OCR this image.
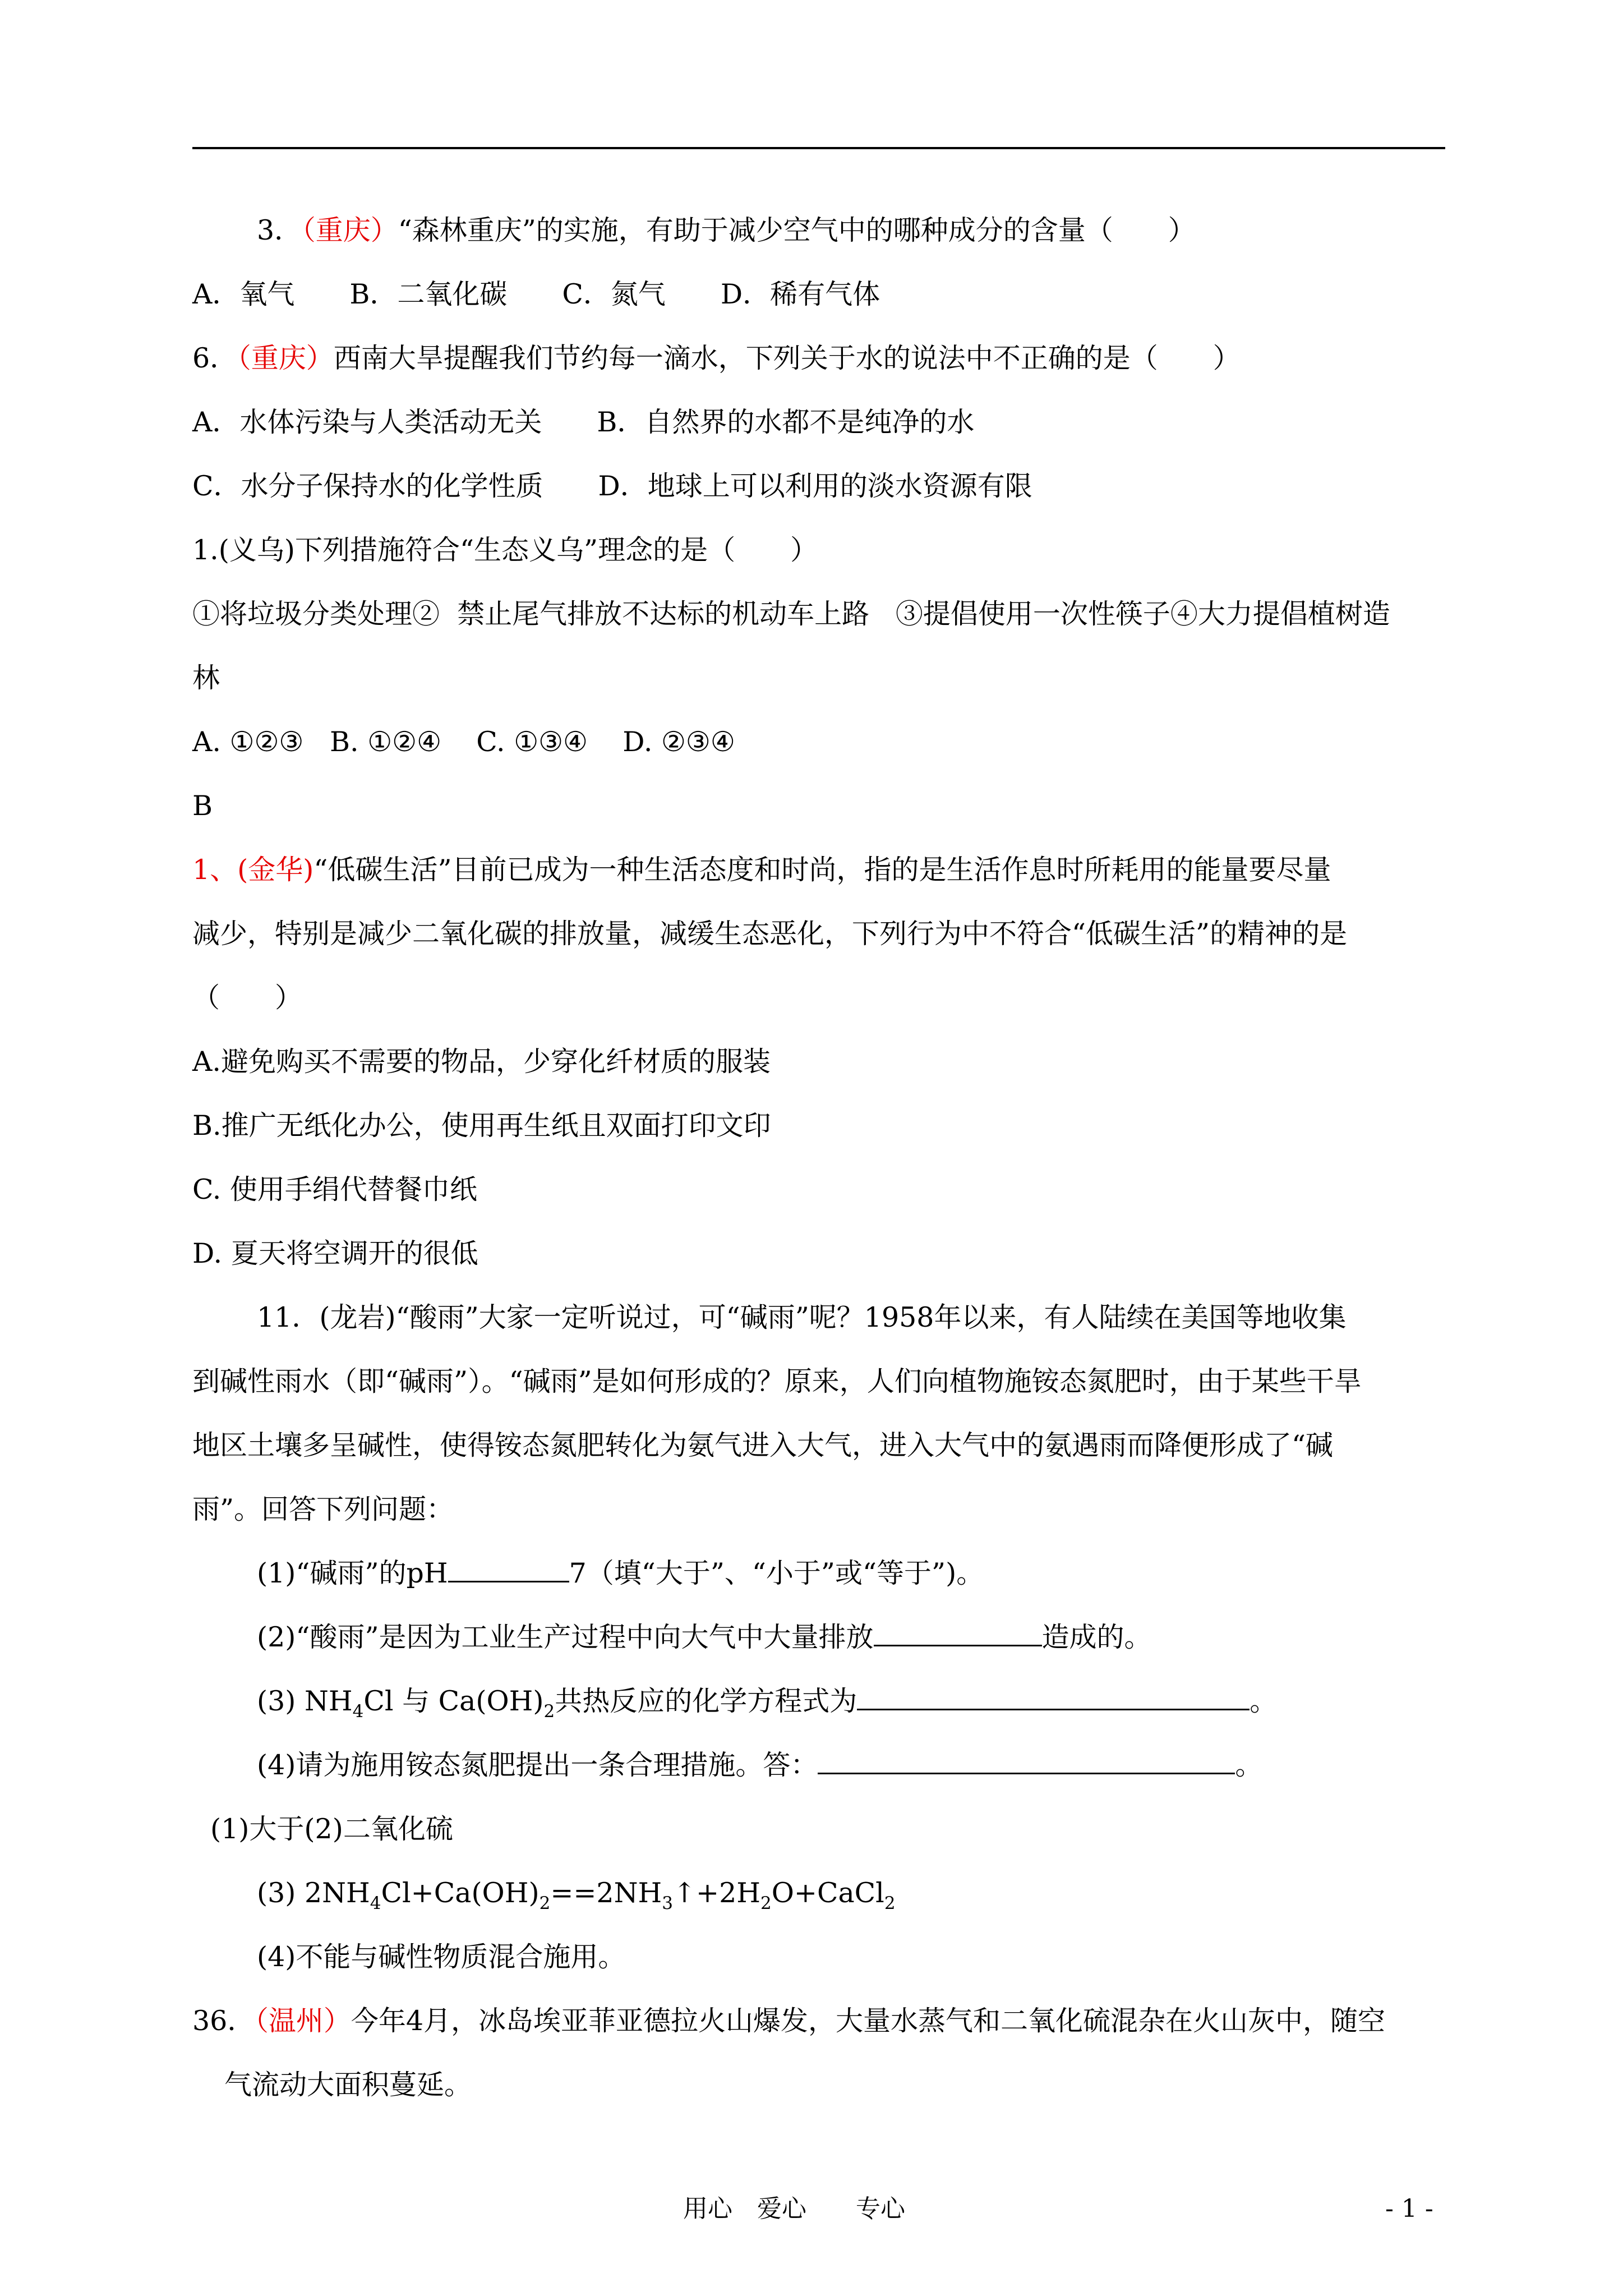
3．（重庆）“森林重庆”的实施，有助于减少空气中的哪种成分的含量（　　）
A．氧气　　B．二氧化碳　　C．氮气　　D．稀有气体
6．（重庆）西南大旱提醒我们节约每一滴水，下列关于水的说法中不正确的是（　　）
A．水体污染与人类活动无关　　B．自然界的水都不是纯净的水
C．水分子保持水的化学性质　　D．地球上可以利用的淡水资源有限
1.(义乌)下列措施符合“生态义乌”理念的是（　　）
①将垃圾分类处理②  禁止尾气排放不达标的机动车上路   ③提倡使用一次性筷子④大力提倡植树造
林
A. ①②③   B. ①②④    C. ①③④    D. ②③④
B
1、(金华)“低碳生活”目前已成为一种生活态度和时尚，指的是生活作息时所耗用的能量要尽量
减少，特别是减少二氧化碳的排放量，减缓生态恶化，下列行为中不符合“低碳生活”的精神的是
（　　）
A.避免购买不需要的物品，少穿化纤材质的服装
B.推广无纸化办公，使用再生纸且双面打印文印
C. 使用手绢代替餐巾纸
D. 夏天将空调开的很低
11．(龙岩)“酸雨”大家一定听说过，可“碱雨”呢？1958年以来，有人陆续在美国等地收集
到碱性雨水（即“碱雨”）。“碱雨”是如何形成的？原来，人们向植物施铵态氮肥时，由于某些干旱
地区土壤多呈碱性，使得铵态氮肥转化为氨气进入大气，进入大气中的氨遇雨而降便形成了“碱
雨”。回答下列问题：
(1)“碱雨”的pH	7（填“大于”、“小于”或“等于”)。
(2)“酸雨”是因为工业生产过程中向大气中大量排放	造成的。
(3) $NH_4Cl$ 与 $Ca(OH)_2$共热反应的化学方程式为	。
(4)请为施用铵态氮肥提出一条合理措施。答：	。
(1)大于(2)二氧化硫
(3) $2NH_4Cl+Ca(OH)_2==2NH_3↑+2H_2O+CaCl_2$
(4)不能与碱性物质混合施用。
36．（温州）今年4月，冰岛埃亚菲亚德拉火山爆发，大量水蒸气和二氧化硫混杂在火山灰中，随空
气流动大面积蔓延。
用心　爱心　　专心	- 1 -
